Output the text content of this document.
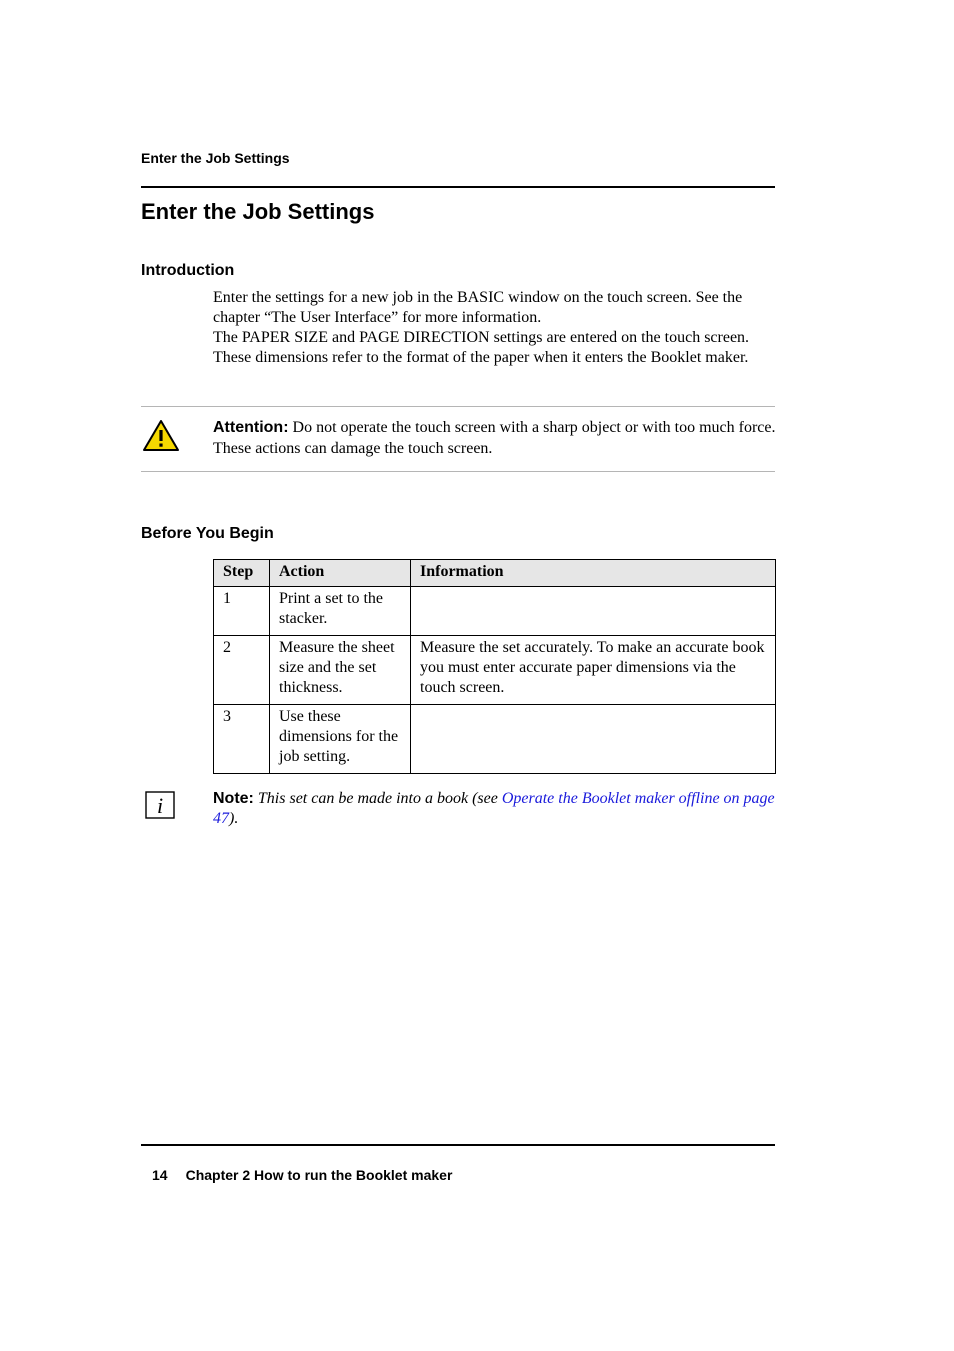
Enter the Job Settings
Enter the Job Settings
Introduction

Enter the settings for a new job in the BASIC window on the touch screen. See the chapter “The User Interface” for more information.

The PAPER SIZE and PAGE DIRECTION settings are entered on the touch screen. These dimensions refer to the format of the paper when it enters the Booklet maker.

Attention: Do not operate the touch screen with a sharp object or with too much force. These actions can damage the touch screen.
Before You Begin
Step	Action	Information
1	Print a set to the stacker.	
2	Measure the sheet size and the set thickness.	Measure the set accurately. To make an accurate book you must enter accurate paper dimensions via the touch screen.
3	Use these dimensions for the job setting.	
i	Note: This set can be made into a book (see Operate the Booklet maker offline on page 47).
14 Chapter 2 How to run the Booklet maker
